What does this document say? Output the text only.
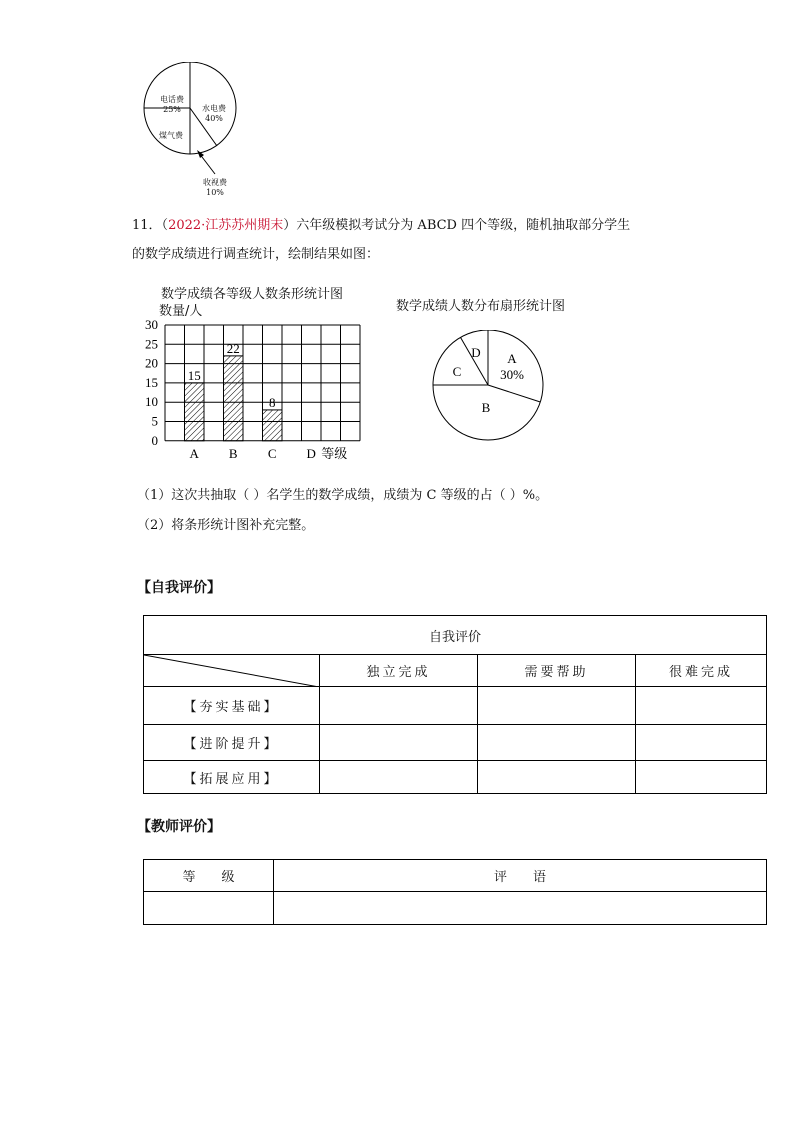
电话费
25%	水电费
40%
煤气费
收视费
10%
11．（2022·江苏苏州期末）六年级模拟考试分为 ABCD 四个等级，随机抽取部分学生
的数学成绩进行调查统计，绘制结果如图：
数学成绩各等级人数条形统计图
数量/人
0
5
10
15
20
25
30
A
15
B
22
C
8
D 等级
数学成绩人数分布扇形统计图
A
30%
B
C
D
（1）这次共抽取（ ）名学生的数学成绩，成绩为 C 等级的占（ ）%。
（2）将条形统计图补充完整。
【自我评价】
自我评价			

	独立完成	需要帮助	很难完成
【夯实基础】			
【进阶提升】			
【拓展应用】			
【教师评价】
等　　级	评　　语
